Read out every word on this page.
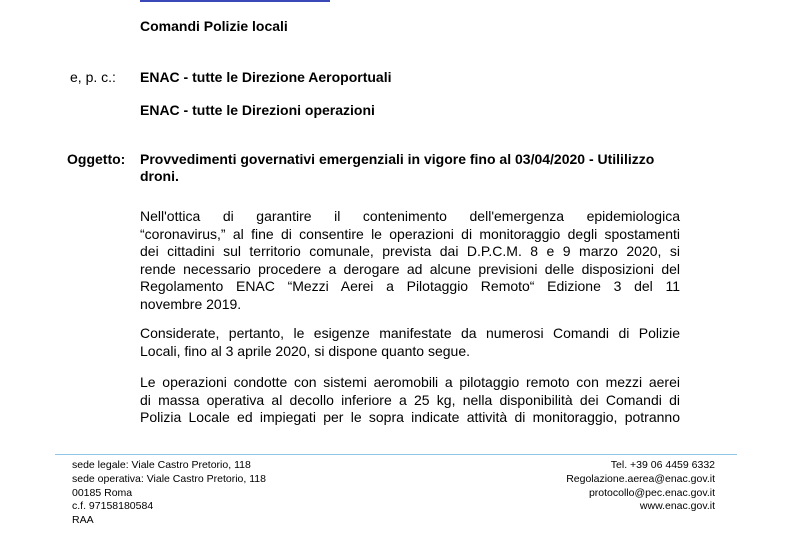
Comandi Polizie locali
e, p. c.: ENAC - tutte le Direzione Aeroportuali
ENAC - tutte le Direzioni operazioni
Oggetto: Provvedimenti governativi emergenziali in vigore fino al 03/04/2020 - Utililizzo
droni.
Nell'ottica di garantire il contenimento dell'emergenza epidemiologica
“coronavirus,” al fine di consentire le operazioni di monitoraggio degli spostamenti
dei cittadini sul territorio comunale, prevista dai D.P.C.M. 8 e 9 marzo 2020, si
rende necessario procedere a derogare ad alcune previsioni delle disposizioni del
Regolamento ENAC “Mezzi Aerei a Pilotaggio Remoto“ Edizione 3 del 11
novembre 2019.
Considerate, pertanto, le esigenze manifestate da numerosi Comandi di Polizie
Locali, fino al 3 aprile 2020, si dispone quanto segue.
Le operazioni condotte con sistemi aeromobili a pilotaggio remoto con mezzi aerei
di massa operativa al decollo inferiore a 25 kg, nella disponibilità dei Comandi di
Polizia Locale ed impiegati per le sopra indicate attività di monitoraggio, potranno
sede legale: Viale Castro Pretorio, 118
sede operativa: Viale Castro Pretorio, 118
00185 Roma
c.f. 97158180584
RAA
Tel. +39 06 4459 6332
Regolazione.aerea@enac.gov.it
protocollo@pec.enac.gov.it
www.enac.gov.it
